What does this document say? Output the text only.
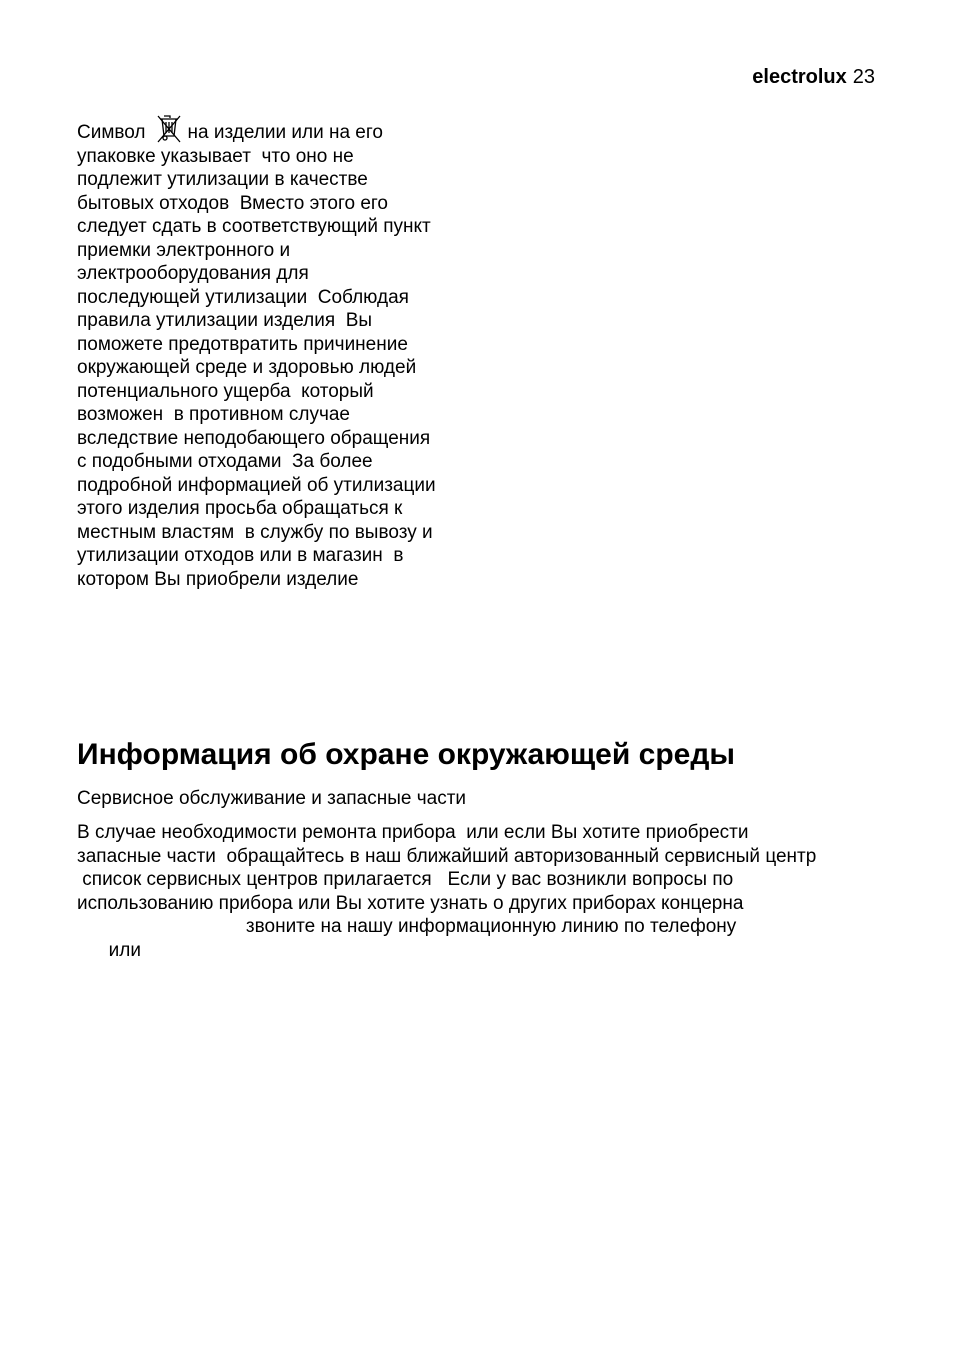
electrolux 23
Символ на изделии или на его
упаковке указывает  что оно не
подлежит утилизации в качестве
бытовых отходов  Вместо этого его
следует сдать в соответствующий пункт
приемки электронного и
электрооборудования для
последующей утилизации  Соблюдая
правила утилизации изделия  Вы
поможете предотвратить причинение
окружающей среде и здоровью людей
потенциального ущерба  который
возможен  в противном случае
вследствие неподобающего обращения
с подобными отходами  За более
подробной информацией об утилизации
этого изделия просьба обращаться к
местным властям  в службу по вывозу и
утилизации отходов или в магазин  в
котором Вы приобрели изделие
Информация об охране окружающей среды
Сервисное обслуживание и запасные части
В случае необходимости ремонта прибора  или если Вы хотите приобрести
запасные части  обращайтесь в наш ближайший авторизованный сервисный центр
список сервисных центров прилагается   Если у вас возникли вопросы по
использованию прибора или Вы хотите узнать о других приборах концерна
звоните на нашу информационную линию по телефону
или
